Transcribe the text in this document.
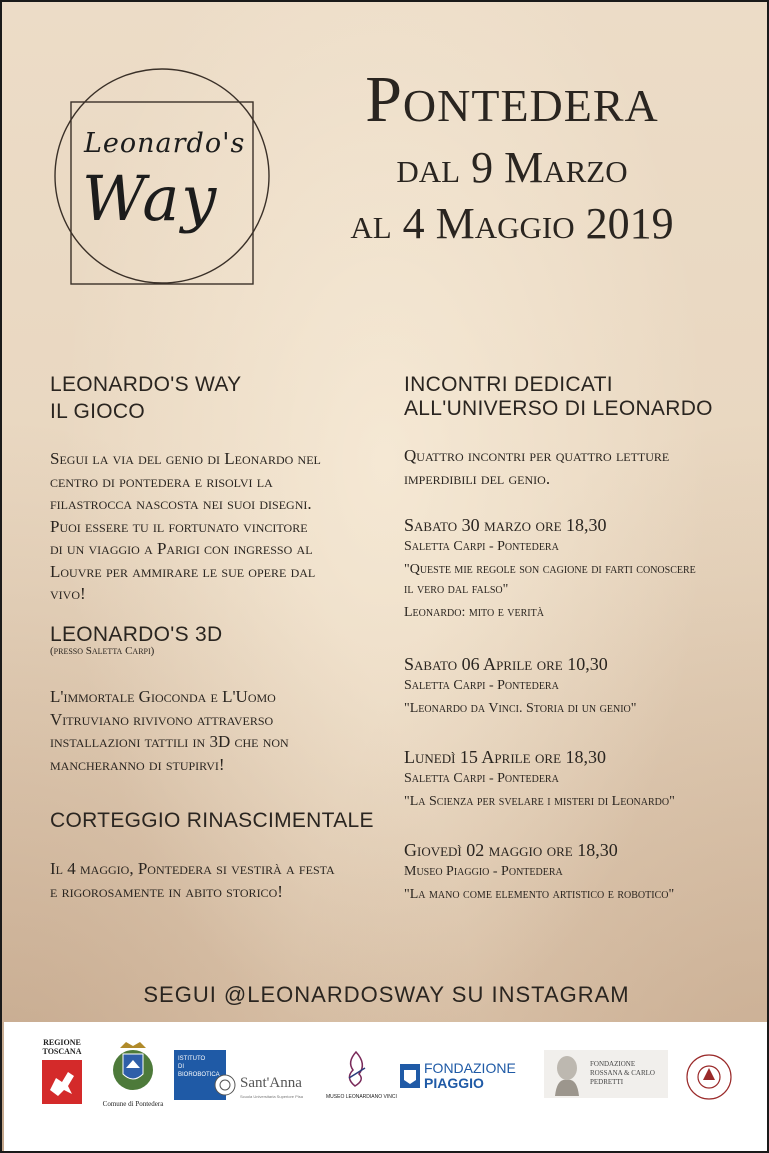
Leonardo's
Way
Pontedera
dal 9 Marzo
al 4 Maggio 2019
LEONARDO'S WAY
IL GIOCO
Segui la via del genio di Leonardo nel
centro di pontedera e risolvi la
filastrocca nascosta nei suoi disegni.
Puoi essere tu il fortunato vincitore
di un viaggio a Parigi con ingresso al
Louvre per ammirare le sue opere dal
vivo!
LEONARDO'S 3D
(presso Saletta Carpi)
L'immortale Gioconda e L'Uomo
Vitruviano rivivono attraverso
installazioni tattili in 3D che non
mancheranno di stupirvi!
CORTEGGIO RINASCIMENTALE
Il 4 maggio, Pontedera si vestirà a festa
e rigorosamente in abito storico!
INCONTRI DEDICATI
ALL'UNIVERSO DI LEONARDO
Quattro incontri per quattro letture
imperdibili del genio.
Sabato 30 marzo ore 18,30
Saletta Carpi - Pontedera
"Queste mie regole son cagione di farti conoscere
il vero dal falso"
Leonardo: mito e verità
Sabato 06 Aprile ore 10,30
Saletta Carpi - Pontedera
"Leonardo da Vinci. Storia di un genio"
Lunedì 15 Aprile ore 18,30
Saletta Carpi - Pontedera
"La Scienza per svelare i misteri di Leonardo"
Giovedì 02 maggio ore 18,30
Museo Piaggio - Pontedera
"La mano come elemento artistico e robotico"
SEGUI @LEONARDOSWAY SU INSTAGRAM
REGIONE
TOSCANA
Comune di Pontedera
ISTITUTO
DI BIOROBOTICA	Sant'Anna
Scuola Universitaria Superiore Pisa	MUSEO LEONARDIANO VINCI
FONDAZIONE
PIAGGIO
FONDAZIONE
ROSSANA & CARLO
PEDRETTI
